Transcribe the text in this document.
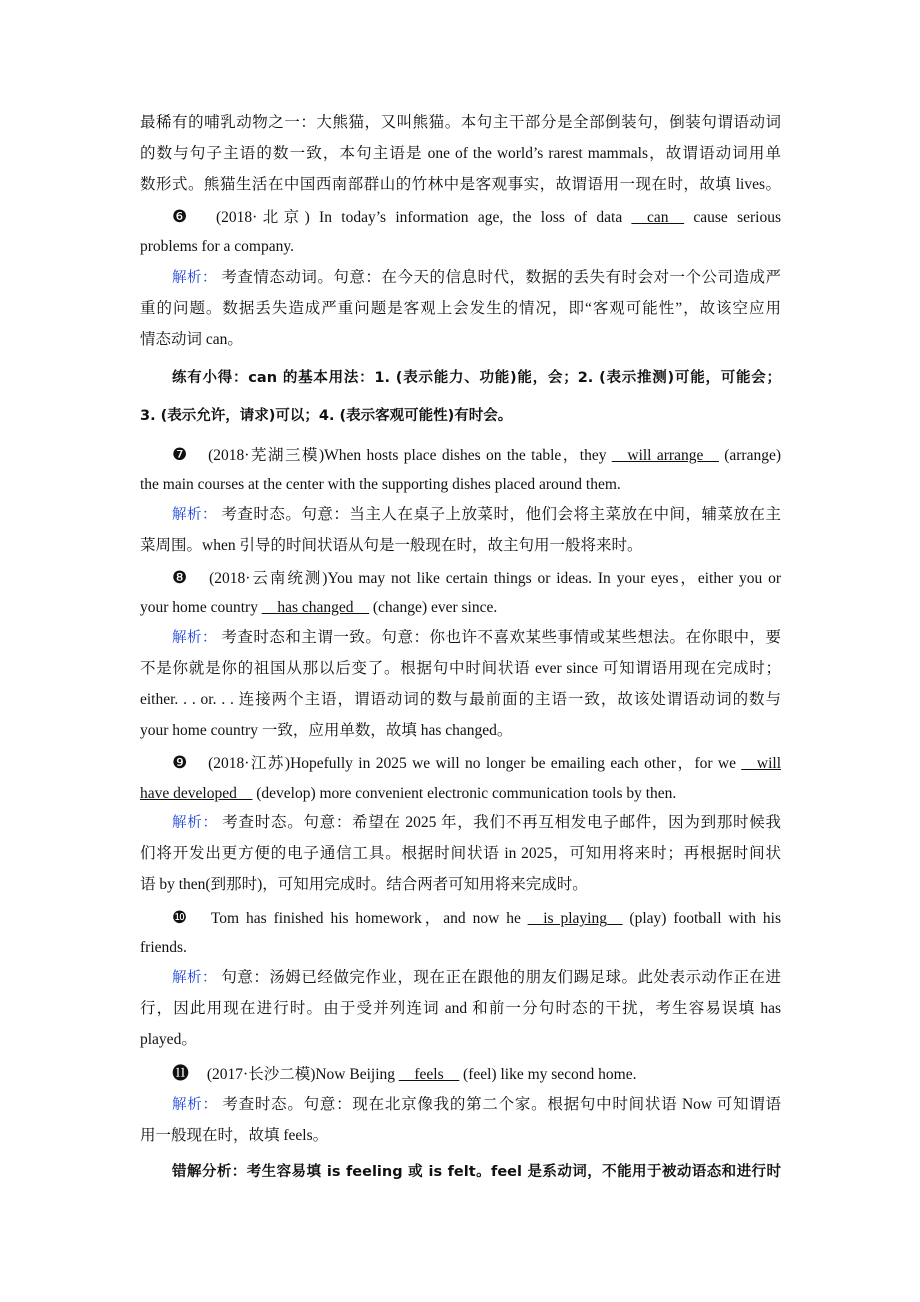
最稀有的哺乳动物之一：大熊猫，又叫熊猫。本句主干部分是全部倒装句，倒装句谓语动词
的数与句子主语的数一致，本句主语是 one of the world’s rarest mammals，故谓语动词用单
数形式。熊猫生活在中国西南部群山的竹林中是客观事实，故谓语用一现在时，故填 lives。
❻ (2018·北京) In today’s information age, the loss of data __can__ cause serious
problems for a company.
解析： 考查情态动词。句意：在今天的信息时代，数据的丢失有时会对一个公司造成严
重的问题。数据丢失造成严重问题是客观上会发生的情况，即“客观可能性”，故该空应用
情态动词 can。
练有小得：can 的基本用法：1. (表示能力、功能)能，会；2. (表示推测)可能，可能会；
3. (表示允许，请求)可以；4. (表示客观可能性)有时会。
❼ (2018·芜湖三模)When hosts place dishes on the table，they __will arrange__ (arrange)
the main courses at the center with the supporting dishes placed around them.
解析： 考查时态。句意：当主人在桌子上放菜时，他们会将主菜放在中间，辅菜放在主
菜周围。when 引导的时间状语从句是一般现在时，故主句用一般将来时。
❽ (2018·云南统测)You may not like certain things or ideas. In your eyes，either you or
your home country __has changed__ (change) ever since.
解析： 考查时态和主谓一致。句意：你也许不喜欢某些事情或某些想法。在你眼中，要
不是你就是你的祖国从那以后变了。根据句中时间状语 ever since 可知谓语用现在完成时；
either. . . or. . . 连接两个主语，谓语动词的数与最前面的主语一致，故该处谓语动词的数与
your home country 一致，应用单数，故填 has changed。
❾ (2018·江苏)Hopefully in 2025 we will no longer be emailing each other，for we __will
have developed__ (develop) more convenient electronic communication tools by then.
解析： 考查时态。句意：希望在 2025 年，我们不再互相发电子邮件，因为到那时候我
们将开发出更方便的电子通信工具。根据时间状语 in 2025，可知用将来时；再根据时间状
语 by then(到那时)，可知用完成时。结合两者可知用将来完成时。
❿ Tom has finished his homework，and now he __is playing__ (play) football with his
friends.
解析： 句意：汤姆已经做完作业，现在正在跟他的朋友们踢足球。此处表示动作正在进
行，因此用现在进行时。由于受并列连词 and 和前一分句时态的干扰，考生容易误填 has
played。
⓫ (2017·长沙二模)Now Beijing __feels__ (feel) like my second home.
解析： 考查时态。句意：现在北京像我的第二个家。根据句中时间状语 Now 可知谓语
用一般现在时，故填 feels。
错解分析：考生容易填 is feeling 或 is felt。feel 是系动词，不能用于被动语态和进行时
